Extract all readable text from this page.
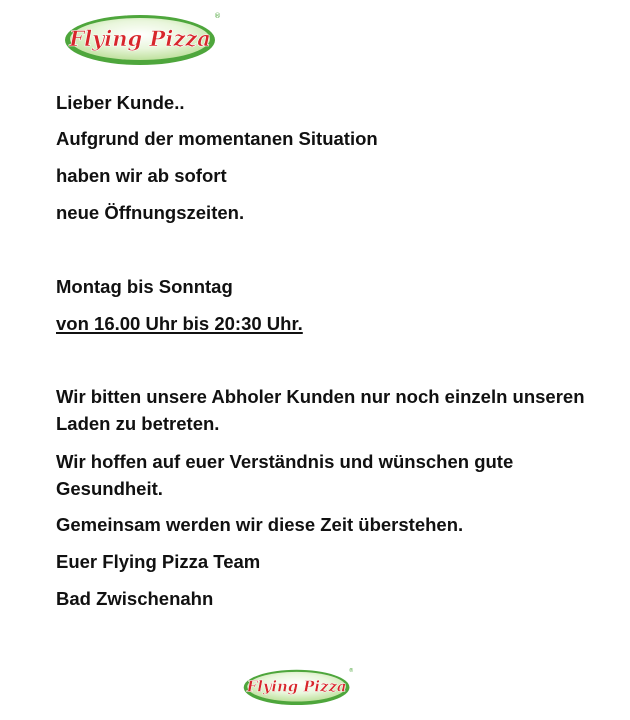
Flying Pizza
®
Lieber Kunde..
Aufgrund der momentanen Situation
haben wir ab sofort
neue Öffnungszeiten.
Montag bis Sonntag
von 16.00 Uhr bis 20:30 Uhr.
Wir bitten unsere Abholer Kunden nur noch einzeln unseren Laden zu betreten.
Wir hoffen auf euer Verständnis und wünschen gute Gesundheit.
Gemeinsam werden wir diese Zeit überstehen.
Euer Flying Pizza Team
Bad Zwischenahn
Flying Pizza
®
